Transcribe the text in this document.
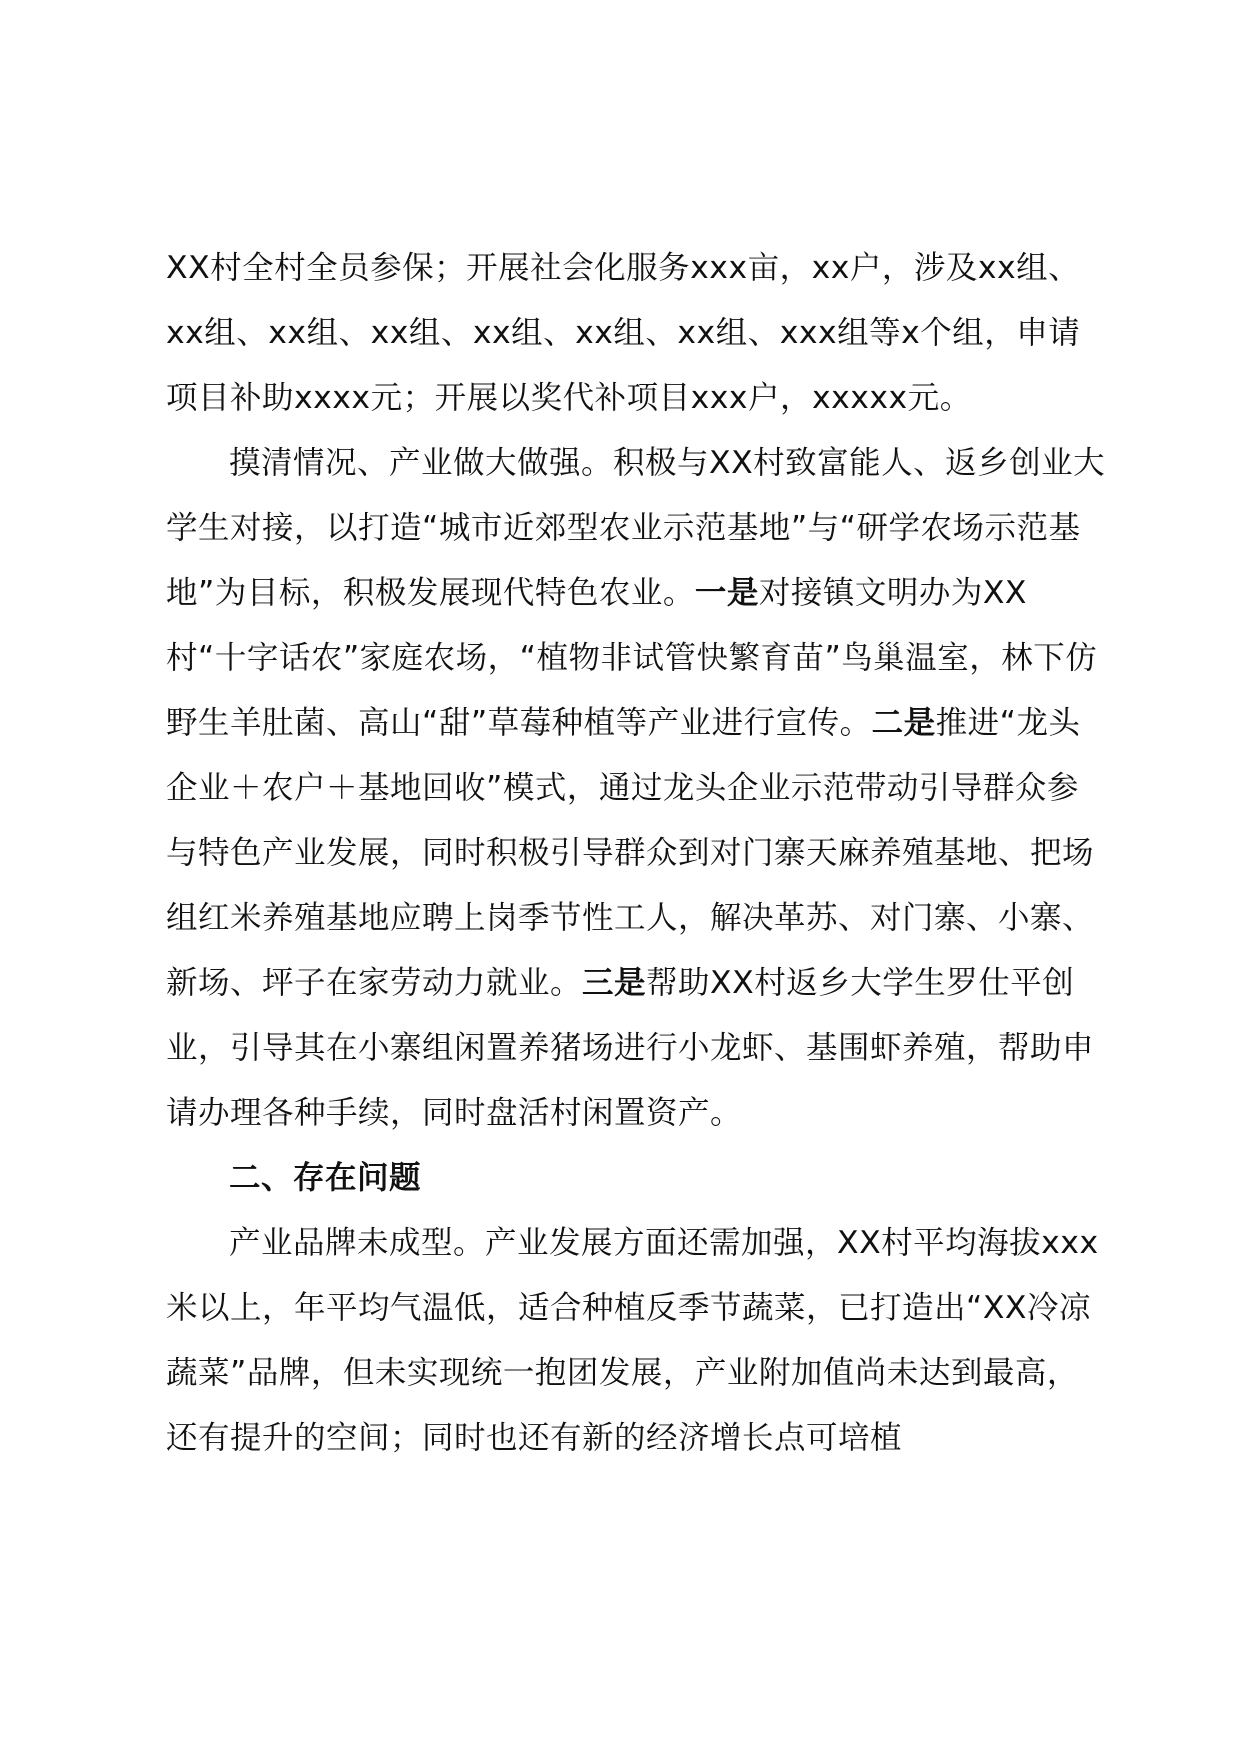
XX村全村全员参保；开展社会化服务xxx亩，xx户，涉及xx组、xx组、xx组、xx组、xx组、xx组、xx组、xxx组等x个组，申请项目补助xxxx元；开展以奖代补项目xxx户，xxxxx元。

摸清情况、产业做大做强。积极与XX村致富能人、返乡创业大学生对接，以打造“城市近郊型农业示范基地”与“研学农场示范基地”为目标，积极发展现代特色农业。一是对接镇文明办为XX村“十字话农”家庭农场，“植物非试管快繁育苗”鸟巢温室，林下仿野生羊肚菌、高山“甜”草莓种植等产业进行宣传。二是推进“龙头企业＋农户＋基地回收”模式，通过龙头企业示范带动引导群众参与特色产业发展，同时积极引导群众到对门寨天麻养殖基地、把场组红米养殖基地应聘上岗季节性工人，解决革苏、对门寨、小寨、新场、坪子在家劳动力就业。三是帮助XX村返乡大学生罗仕平创业，引导其在小寨组闲置养猪场进行小龙虾、基围虾养殖，帮助申请办理各种手续，同时盘活村闲置资产。

二、存在问题

产业品牌未成型。产业发展方面还需加强，XX村平均海拔xxx米以上，年平均气温低，适合种植反季节蔬菜，已打造出“XX冷凉蔬菜”品牌，但未实现统一抱团发展，产业附加值尚未达到最高，还有提升的空间；同时也还有新的经济增长点可培植
